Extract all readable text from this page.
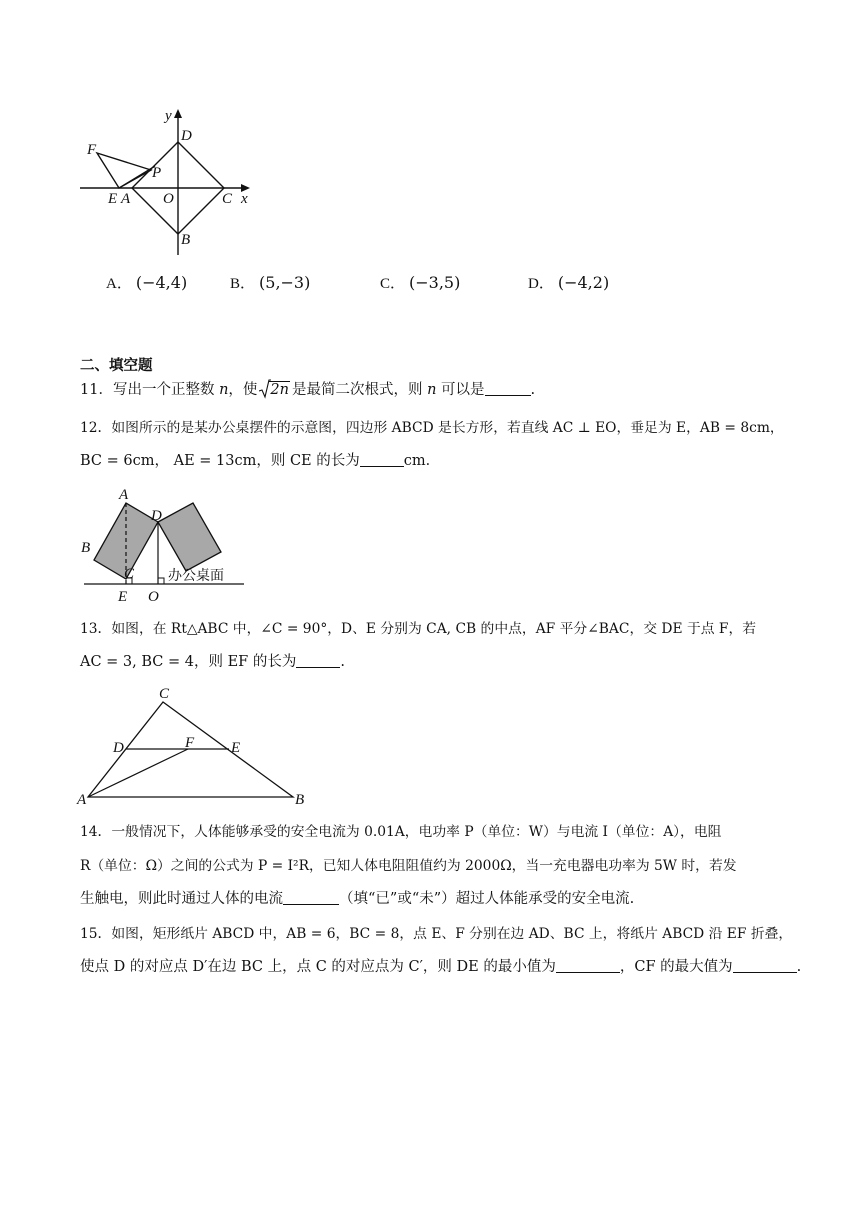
y
x
D
F
P
E A O	C
B
A． (−4,4)	B． (5,−3)	C． (−3,5)	D． (−4,2)
二、填空题
11．写出一个正整数 n，使 2n 是最简二次根式，则 n 可以是	.
12．如图所示的是某办公桌摆件的示意图，四边形 ABCD 是长方形，若直线 AC ⊥ EO，垂足为 E，AB = 8cm，
BC = 6cm， AE = 13cm，则 CE 的长为	cm．
A
D
B
C
E O
办公桌面
13．如图，在 Rt△ABC 中，∠C = 90°，D、E 分别为 CA, CB 的中点，AF 平分∠BAC，交 DE 于点 F，若
AC = 3, BC = 4，则 EF 的长为	.
C
D	F E
A	B
14．一般情况下，人体能够承受的安全电流为 0.01A，电功率 P（单位：W）与电流 I（单位：A），电阻
R（单位：Ω）之间的公式为 P = I²R，已知人体电阻阻值约为 2000Ω，当一充电器电功率为 5W 时，若发
生触电，则此时通过人体的电流	（填“已”或“未”）超过人体能承受的安全电流.
15．如图，矩形纸片 ABCD 中，AB = 6，BC = 8，点 E、F 分别在边 AD、BC 上，将纸片 ABCD 沿 EF 折叠，
使点 D 的对应点 D′在边 BC 上，点 C 的对应点为 C′，则 DE 的最小值为	，CF 的最大值为	.
